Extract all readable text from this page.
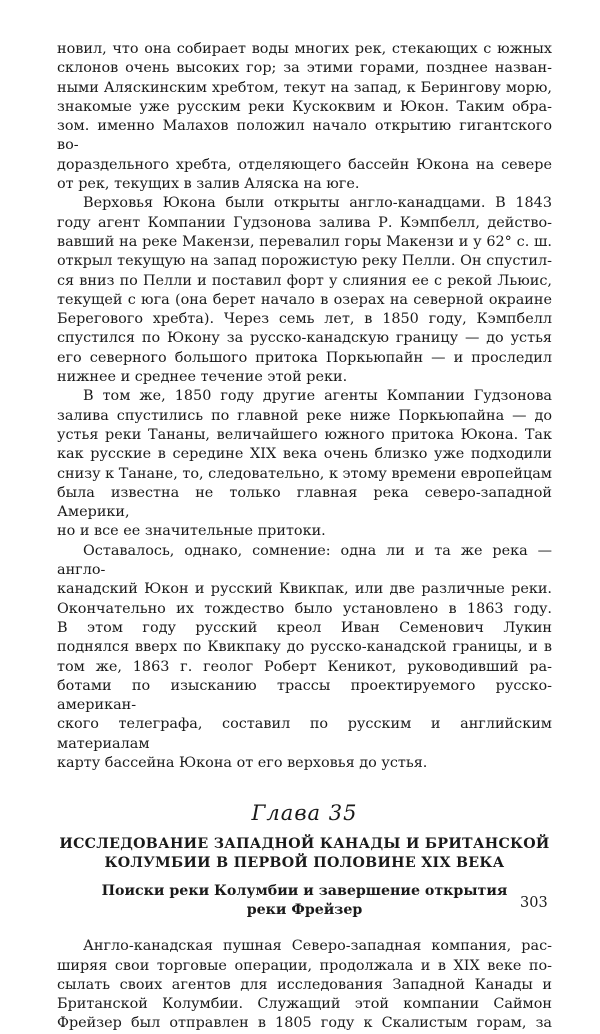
новил, что она собирает воды многих рек, стекающих с южных
склонов очень высоких гор; за этими горами, позднее назван-
ными Аляскинским хребтом, текут на запад, к Берингову морю,
знакомые уже русским реки Кускоквим и Юкон. Таким обра-
зом. именно Малахов положил начало открытию гигантского во-
дораздельного хребта, отделяющего бассейн Юкона на севере
от рек, текущих в залив Аляска на юге.
Верховья Юкона были открыты англо-канадцами. В 1843
году агент Компании Гудзонова залива Р. Кэмпбелл, действо-
вавший на реке Макензи, перевалил горы Макензи и у 62° с. ш.
открыл текущую на запад порожистую реку Пелли. Он спустил-
ся вниз по Пелли и поставил форт у слияния ее с рекой Льюис,
текущей с юга (она берет начало в озерах на северной окраине
Берегового хребта). Через семь лет, в 1850 году, Кэмпбелл
спустился по Юкону за русско-канадскую границу — до устья
его северного большого притока Поркьюпайн — и проследил
нижнее и среднее течение этой реки.
В том же, 1850 году другие агенты Компании Гудзонова
залива спустились по главной реке ниже Поркьюпайна — до
устья реки Тананы, величайшего южного притока Юкона. Так
как русские в середине XIX века очень близко уже подходили
снизу к Танане, то, следовательно, к этому времени европейцам
была известна не только главная река северо-западной Америки,
но и все ее значительные притоки.
Оставалось, однако, сомнение: одна ли и та же река — англо-
канадский Юкон и русский Квикпак, или две различные реки.
Окончательно их тождество было установлено в 1863 году.
В этом году русский креол Иван Семенович Лукин
поднялся вверх по Квикпаку до русско-канадской границы, и в
том же, 1863 г. геолог Роберт Кеникот, руководивший ра-
ботами по изысканию трассы проектируемого русско-американ-
ского телеграфа, составил по русским и английским материалам
карту бассейна Юкона от его верховья до устья.
Глава 35
ИССЛЕДОВАНИЕ ЗАПАДНОЙ КАНАДЫ И БРИТАНСКОЙ
КОЛУМБИИ В ПЕРВОЙ ПОЛОВИНЕ XIX ВЕКА
Поиски реки Колумбии и завершение открытия
реки Фрейзер
Англо-канадская пушная Северо-западная компания, рас-
ширяя свои торговые операции, продолжала и в XIX веке по-
сылать своих агентов для исследования Западной Канады и
Британской Колумбии. Служащий этой компании Саймон
Фрейзер был отправлен в 1805 году к Скалистым горам, за
303
